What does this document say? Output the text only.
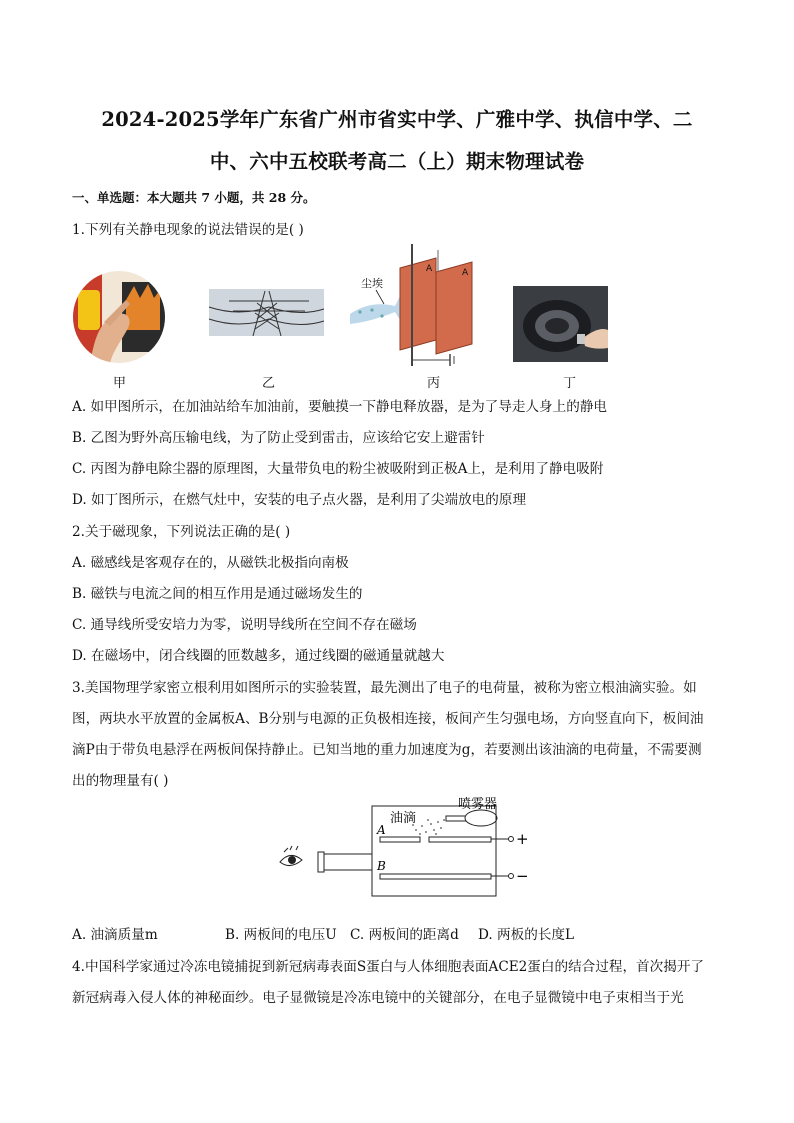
2024-2025学年广东省广州市省实中学、广雅中学、执信中学、二
中、六中五校联考高二（上）期末物理试卷
一、单选题：本大题共 7 小题，共 28 分。
1.下列有关静电现象的说法错误的是( )
甲	乙
尘埃
A	A
丙	丁
A. 如甲图所示，在加油站给车加油前，要触摸一下静电释放器，是为了导走人身上的静电
B. 乙图为野外高压输电线，为了防止受到雷击，应该给它安上避雷针
C. 丙图为静电除尘器的原理图，大量带负电的粉尘被吸附到正极A上，是利用了静电吸附
D. 如丁图所示，在燃气灶中，安装的电子点火器，是利用了尖端放电的原理
2.关于磁现象，下列说法正确的是( )
A. 磁感线是客观存在的，从磁铁北极指向南极
B. 磁铁与电流之间的相互作用是通过磁场发生的
C. 通导线所受安培力为零，说明导线所在空间不存在磁场
D. 在磁场中，闭合线圈的匝数越多，通过线圈的磁通量就越大
3.美国物理学家密立根利用如图所示的实验装置，最先测出了电子的电荷量，被称为密立根油滴实验。如
图，两块水平放置的金属板A、B分别与电源的正负极相连接，板间产生匀强电场，方向竖直向下，板间油
滴P由于带负电悬浮在两板间保持静止。已知当地的重力加速度为g，若要测出该油滴的电荷量，不需要测
出的物理量有( )
油滴
喷雾器
A
B
+
−
A. 油滴质量m	B. 两板间的电压U C. 两板间的距离d D. 两板的长度L
4.中国科学家通过冷冻电镜捕捉到新冠病毒表面S蛋白与人体细胞表面ACE2蛋白的结合过程，首次揭开了
新冠病毒入侵人体的神秘面纱。电子显微镜是冷冻电镜中的关键部分，在电子显微镜中电子束相当于光
